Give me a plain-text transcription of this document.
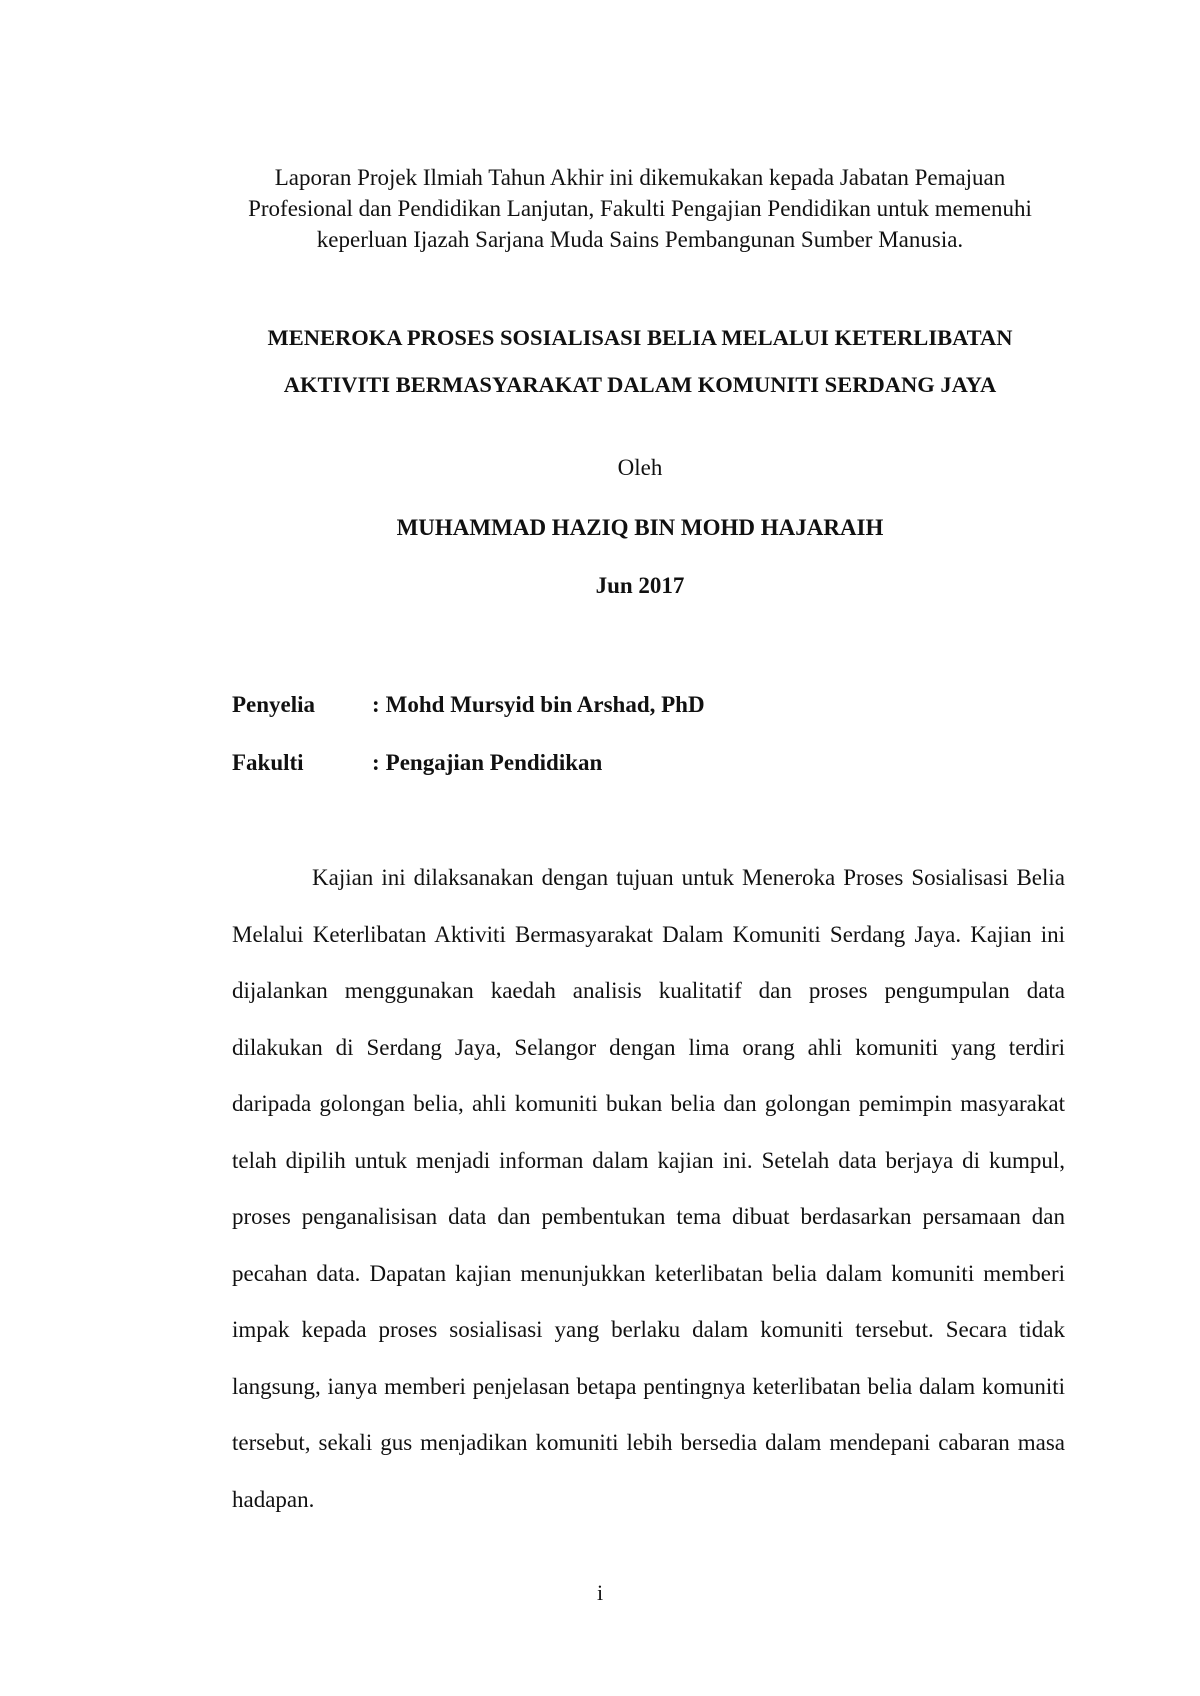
Laporan Projek Ilmiah Tahun Akhir ini dikemukakan kepada Jabatan Pemajuan

Profesional dan Pendidikan Lanjutan, Fakulti Pengajian Pendidikan untuk memenuhi

keperluan Ijazah Sarjana Muda Sains Pembangunan Sumber Manusia.

MENEROKA PROSES SOSIALISASI BELIA MELALUI KETERLIBATAN

AKTIVITI BERMASYARAKAT DALAM KOMUNITI SERDANG JAYA

Oleh
MUHAMMAD HAZIQ BIN MOHD HAJARAIH
Jun 2017
Penyelia : Mohd Mursyid bin Arshad, PhD
Fakulti	: Pengajian Pendidikan

Kajian ini dilaksanakan dengan tujuan untuk Meneroka Proses Sosialisasi Belia Melalui Keterlibatan Aktiviti Bermasyarakat Dalam Komuniti Serdang Jaya. Kajian ini dijalankan menggunakan kaedah analisis kualitatif dan proses pengumpulan data dilakukan di Serdang Jaya, Selangor dengan lima orang ahli komuniti yang terdiri daripada golongan belia, ahli komuniti bukan belia dan golongan pemimpin masyarakat telah dipilih untuk menjadi informan dalam kajian ini. Setelah data berjaya di kumpul, proses penganalisisan data dan pembentukan tema dibuat berdasarkan persamaan dan pecahan data. Dapatan kajian menunjukkan keterlibatan belia dalam komuniti memberi impak kepada proses sosialisasi yang berlaku dalam komuniti tersebut. Secara tidak langsung, ianya memberi penjelasan betapa pentingnya keterlibatan belia dalam komuniti tersebut, sekali gus menjadikan komuniti lebih bersedia dalam mendepani cabaran masa hadapan.

i
